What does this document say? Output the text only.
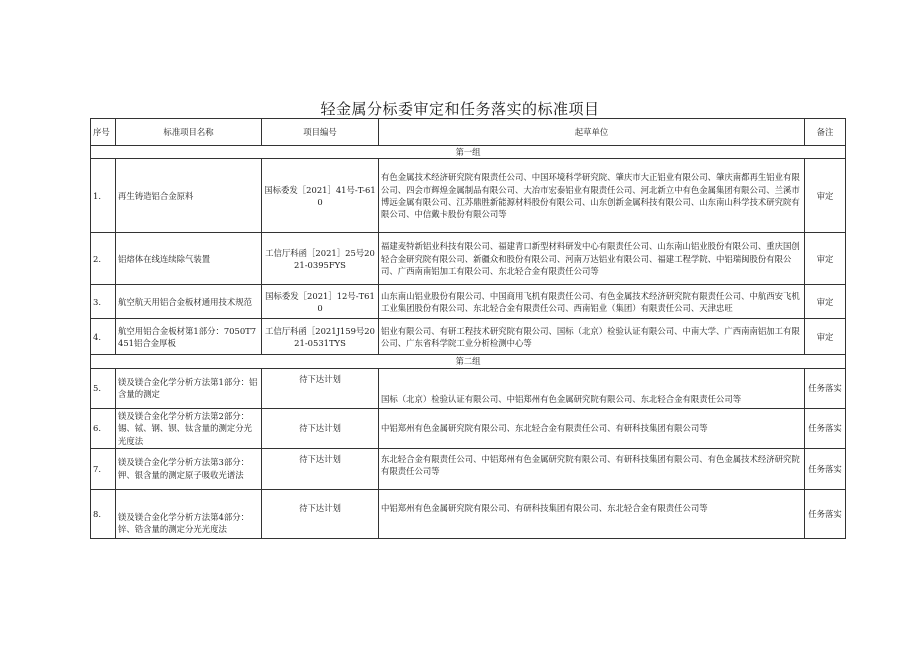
轻金属分标委审定和任务落实的标准项目
序号	标准项目名称	项目编号	起草单位	备注
第一组				
1.	再生铸造铝合金原料	国标委发［2021］41号-T-610	有色金属技术经济研究院有限责任公司、中国环境科学研究院、肇庆市大正铝业有限公司、肇庆南都再生铝业有限公司、四会市辉煌金属制品有限公司、大冶市宏泰铝业有限责任公司、河北新立中有色金属集团有限公司、兰溪市博远金属有限公司、江苏鼎胜新能源材料股份有限公司、山东创新金属科技有限公司、山东南山科学技术研究院有限公司、中信戴卡股份有限公司等	审定
2.	铝熔体在线连续除气装置	工信厅科函［2021］25号2021-0395FYS	福建麦特新铝业科技有限公司、福建青口新型材料研发中心有限责任公司、山东南山铝业股份有限公司、重庆国创轻合金研究院有限公司、新疆众和股份有限公司、河南万达铝业有限公司、福建工程学院、中铝瑞闽股份有限公司、广西南南铝加工有限公司、东北轻合金有限责任公司等	审定
3.	航空航天用铝合金板材通用技术规范	国标委发［2021］12号-T610	山东南山铝业股份有限公司、中国商用飞机有限责任公司、有色金属技术经济研究院有限责任公司、中航西安飞机工业集团股份有限公司、东北轻合金有限责任公司、西南铝业（集团）有限责任公司、天津忠旺	审定
4.	航空用铝合金板材第1部分：7050T7451铝合金厚板	工信厅科函［2021J159号2021-0531TYS	铝业有限公司、有研工程技术研究院有限公司、国标（北京）检验认证有限公司、中南大学、广西南南铝加工有限公司、广东省科学院工业分析检测中心等	审定
第二组				
5.	镁及镁合金化学分析方法第1部分：铝含量的测定	待下达计划	国标（北京）检验认证有限公司、中铝郑州有色金属研究院有限公司、东北轻合金有限责任公司等	任务落实
6.	镁及镁合金化学分析方法第2部分：锡、铽、钢、钡、钛含量的测定分光光度法	待下达计划	中铝郑州有色金属研究院有限公司、东北轻合金有限责任公司、有研科技集团有限公司等	任务落实
7.	镁及镁合金化学分析方法第3部分：钾、银含量的测定原子吸收光谱法	待下达计划	东北轻合金有限责任公司、中铝郑州有色金属研究院有限公司、有研科技集团有限公司、有色金属技术经济研究院有限责任公司等	任务落实
8.	镁及镁合金化学分析方法第4部分：锌、锆含量的测定分光光度法	待下达计划	中铝郑州有色金属研究院有限公司、有研科技集团有限公司、东北轻合金有限责任公司等	任务落实
